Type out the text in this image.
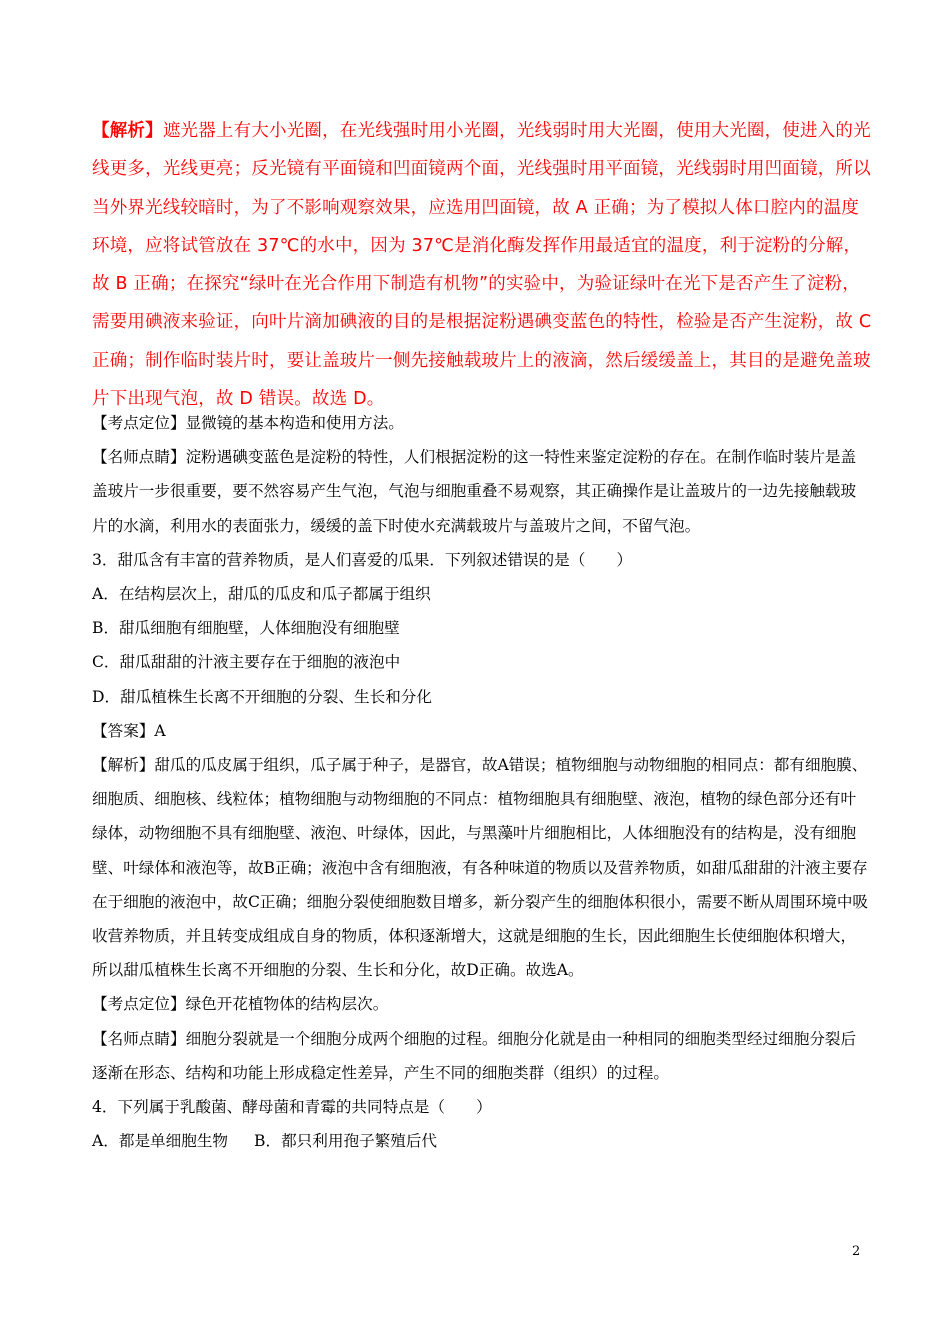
【解析】遮光器上有大小光圈，在光线强时用小光圈，光线弱时用大光圈，使用大光圈，使进入的光线更多，光线更亮；反光镜有平面镜和凹面镜两个面，光线强时用平面镜，光线弱时用凹面镜，所以当外界光线较暗时，为了不影响观察效果，应选用凹面镜，故 A 正确；为了模拟人体口腔内的温度环境，应将试管放在 37℃的水中，因为 37℃是消化酶发挥作用最适宜的温度，利于淀粉的分解，故 B 正确；在探究“绿叶在光合作用下制造有机物”的实验中，为验证绿叶在光下是否产生了淀粉，需要用碘液来验证，向叶片滴加碘液的目的是根据淀粉遇碘变蓝色的特性，检验是否产生淀粉，故 C 正确；制作临时装片时，要让盖玻片一侧先接触载玻片上的液滴，然后缓缓盖上，其目的是避免盖玻片下出现气泡，故 D 错误。故选 D。

【考点定位】显微镜的基本构造和使用方法。

【名师点睛】淀粉遇碘变蓝色是淀粉的特性，人们根据淀粉的这一特性来鉴定淀粉的存在。在制作临时装片是盖盖玻片一步很重要，要不然容易产生气泡，气泡与细胞重叠不易观察，其正确操作是让盖玻片的一边先接触载玻片的水滴，利用水的表面张力，缓缓的盖下时使水充满载玻片与盖玻片之间，不留气泡。

3．甜瓜含有丰富的营养物质，是人们喜爱的瓜果．下列叙述错误的是（　　）

A．在结构层次上，甜瓜的瓜皮和瓜子都属于组织

B．甜瓜细胞有细胞壁，人体细胞没有细胞壁

C．甜瓜甜甜的汁液主要存在于细胞的液泡中

D．甜瓜植株生长离不开细胞的分裂、生长和分化

【答案】A

【解析】甜瓜的瓜皮属于组织，瓜子属于种子，是器官，故A错误；植物细胞与动物细胞的相同点：都有细胞膜、细胞质、细胞核、线粒体；植物细胞与动物细胞的不同点：植物细胞具有细胞壁、液泡，植物的绿色部分还有叶绿体，动物细胞不具有细胞壁、液泡、叶绿体，因此，与黑藻叶片细胞相比，人体细胞没有的结构是，没有细胞壁、叶绿体和液泡等，故B正确；液泡中含有细胞液，有各种味道的物质以及营养物质，如甜瓜甜甜的汁液主要存在于细胞的液泡中，故C正确；细胞分裂使细胞数目增多，新分裂产生的细胞体积很小，需要不断从周围环境中吸收营养物质，并且转变成组成自身的物质，体积逐渐增大，这就是细胞的生长，因此细胞生长使细胞体积增大，所以甜瓜植株生长离不开细胞的分裂、生长和分化，故D正确。故选A。

【考点定位】绿色开花植物体的结构层次。

【名师点睛】细胞分裂就是一个细胞分成两个细胞的过程。细胞分化就是由一种相同的细胞类型经过细胞分裂后逐渐在形态、结构和功能上形成稳定性差异，产生不同的细胞类群（组织）的过程。

4．下列属于乳酸菌、酵母菌和青霉的共同特点是（　　）

A．都是单细胞生物 B．都只利用孢子繁殖后代

2
